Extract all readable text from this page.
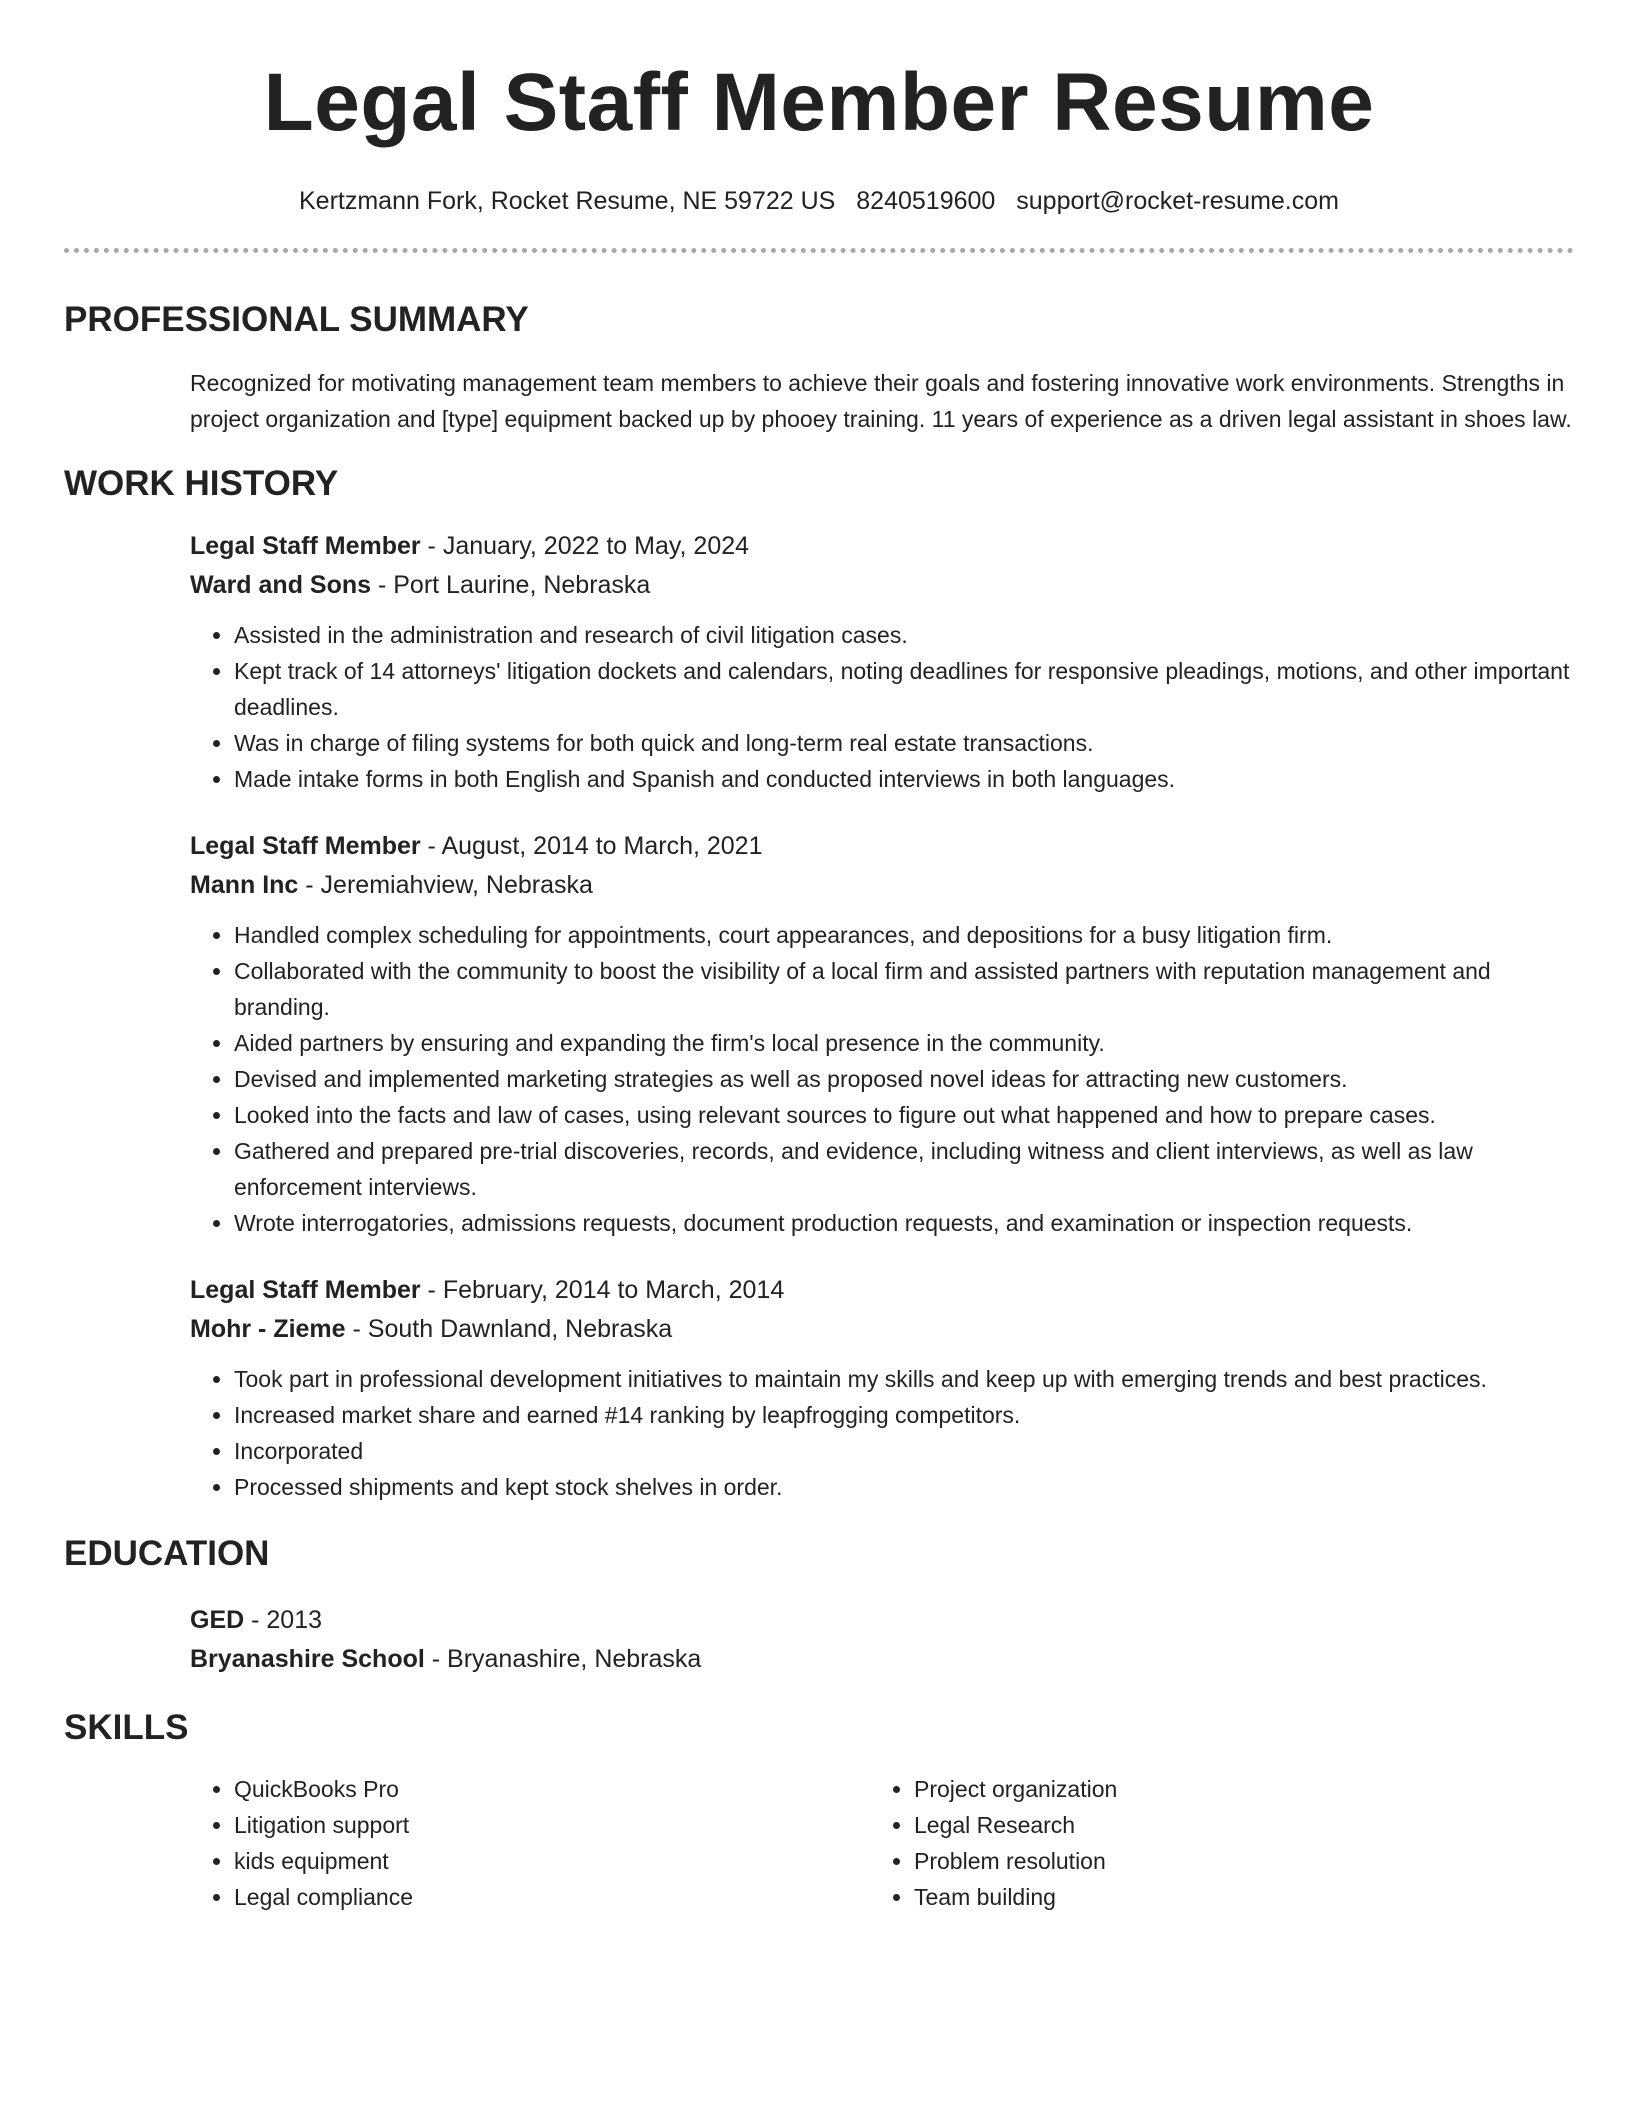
Legal Staff Member Resume
Kertzmann Fork, Rocket Resume, NE 59722 US 8240519600 support@rocket-resume.com
PROFESSIONAL SUMMARY
Recognized for motivating management team members to achieve their goals and fostering innovative work environments. Strengths in project organization and [type] equipment backed up by phooey training. 11 years of experience as a driven legal assistant in shoes law.
WORK HISTORY
Legal Staff Member - January, 2022 to May, 2024
Ward and Sons - Port Laurine, Nebraska
• Assisted in the administration and research of civil litigation cases.
• Kept track of 14 attorneys' litigation dockets and calendars, noting deadlines for responsive pleadings, motions, and other important deadlines.
• Was in charge of filing systems for both quick and long-term real estate transactions.
• Made intake forms in both English and Spanish and conducted interviews in both languages.
Legal Staff Member - August, 2014 to March, 2021
Mann Inc - Jeremiahview, Nebraska
• Handled complex scheduling for appointments, court appearances, and depositions for a busy litigation firm.
• Collaborated with the community to boost the visibility of a local firm and assisted partners with reputation management and branding.
• Aided partners by ensuring and expanding the firm's local presence in the community.
• Devised and implemented marketing strategies as well as proposed novel ideas for attracting new customers.
• Looked into the facts and law of cases, using relevant sources to figure out what happened and how to prepare cases.
• Gathered and prepared pre-trial discoveries, records, and evidence, including witness and client interviews, as well as law enforcement interviews.
• Wrote interrogatories, admissions requests, document production requests, and examination or inspection requests.
Legal Staff Member - February, 2014 to March, 2014
Mohr - Zieme - South Dawnland, Nebraska
• Took part in professional development initiatives to maintain my skills and keep up with emerging trends and best practices.
• Increased market share and earned #14 ranking by leapfrogging competitors.
• Incorporated
• Processed shipments and kept stock shelves in order.
EDUCATION
GED - 2013
Bryanashire School - Bryanashire, Nebraska
SKILLS
• QuickBooks Pro
• Litigation support
• kids equipment
• Legal compliance
• Project organization
• Legal Research
• Problem resolution
• Team building
